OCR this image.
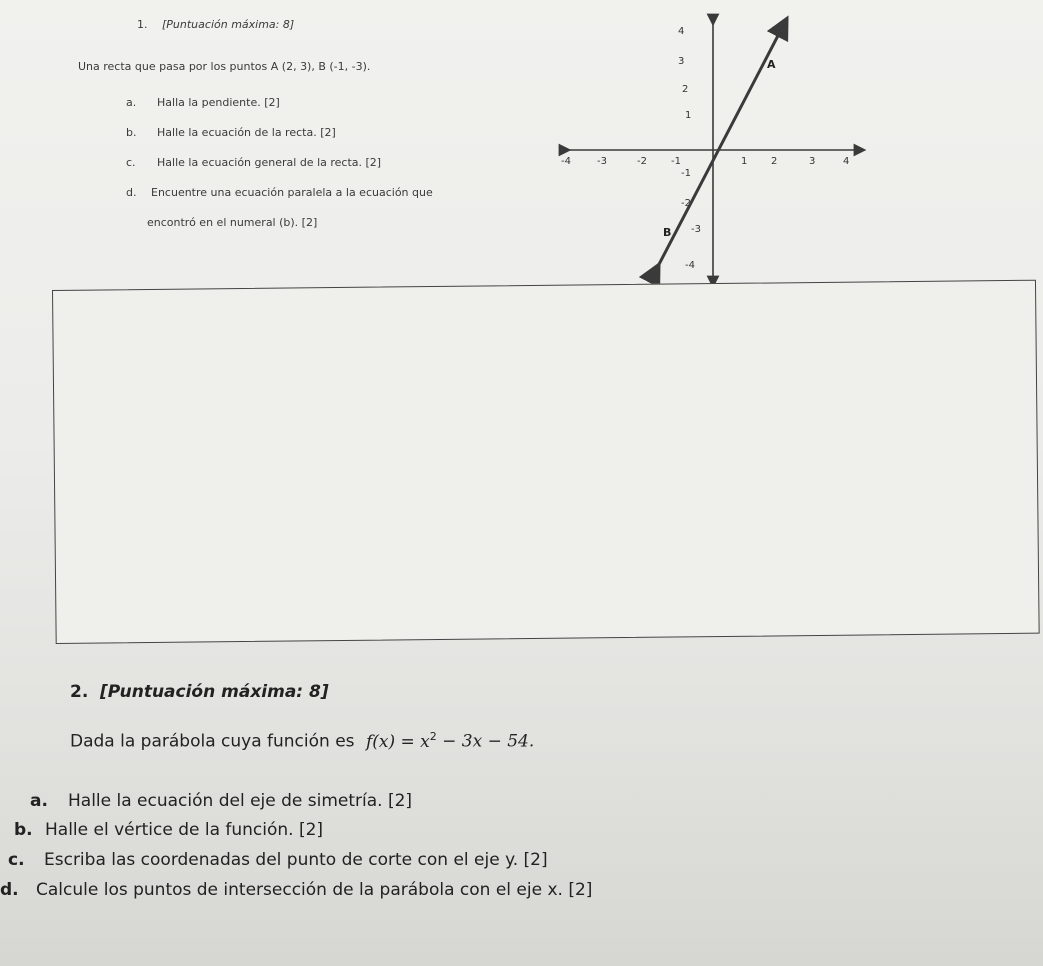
1. [Puntuación máxima: 8]
Una recta que pasa por los puntos A (2, 3), B (-1, -3).
a. Halla la pendiente. [2]
b. Halle la ecuación de la recta. [2]
c. Halle la ecuación general de la recta. [2]
d. Encuentre una ecuación paralela a la ecuación que
encontró en el numeral (b). [2]
-4	-3	-2 -1	1 2	3	4
4
3
2
1
-1
-2
-3
-4
A
B
2. [Puntuación máxima: 8]
Dada la parábola cuya función es $f(x) = x^2 - 3x - 54$.
a. Halle la ecuación del eje de simetría. [2]
b. Halle el vértice de la función. [2]
c. Escriba las coordenadas del punto de corte con el eje y. [2]
d. Calcule los puntos de intersección de la parábola con el eje x. [2]
